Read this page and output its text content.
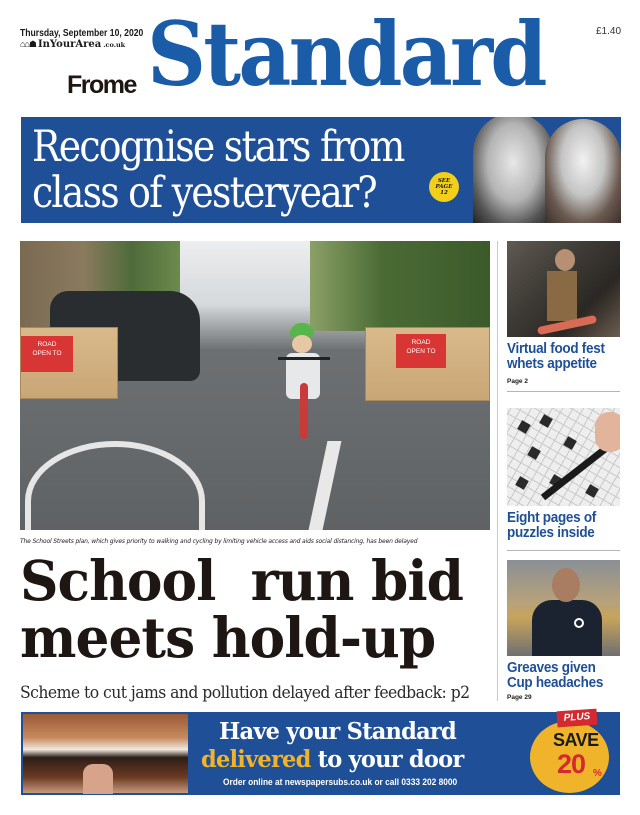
Thursday, September 10, 2020
⌂⌂☗ InYourArea .co.uk
£1.40
Frome Standard
Recognise stars from
class of yesteryear?	SEE
PAGE
12
ROAD
OPEN TO
ROAD
OPEN TO
The School Streets plan, which gives priority to walking and cycling by limiting vehicle access and aids social distancing, has been delayed
School  run bid
meets hold-up
Scheme to cut jams and pollution delayed after feedback: p2
Virtual food fest
whets appetite
Page 2
Eight pages of
puzzles inside
Greaves given
Cup headaches
Page 29
Have your Standard
delivered to your door
Order online at newspapersubs.co.uk or call 0333 202 8000
PLUS
SAVE
20 %
